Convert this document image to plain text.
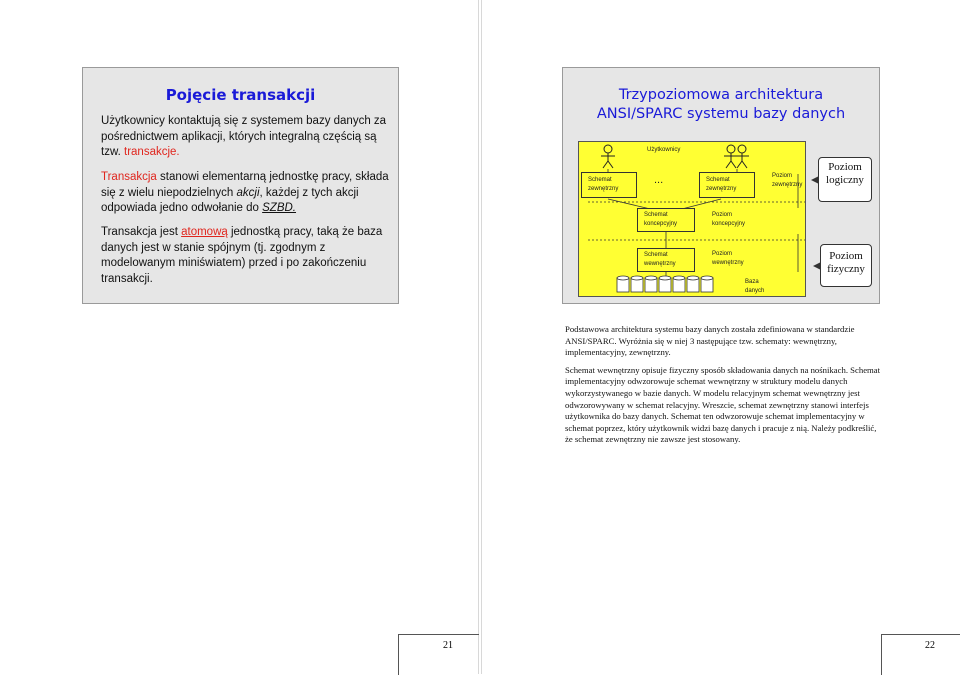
Pojęcie transakcji
Użytkownicy kontaktują się z systemem bazy danych za pośrednictwem aplikacji, których integralną częścią są tzw. transakcje.
Transakcja stanowi elementarną jednostkę pracy, składa się z wielu niepodzielnych akcji, każdej z tych akcji odpowiada jedno odwołanie do SZBD.
Transakcja jest atomową jednostką pracy, taką że baza danych jest w stanie spójnym (tj. zgodnym z modelowanym miniświatem) przed i po zakończeniu transakcji.
21	22
Trzypoziomowa architektura
ANSI/SPARC systemu bazy danych
Użytkownicy
Schemat
zewnętrzny
...	Schemat
zewnętrzny
Poziom
zewnętrzny
Schemat
koncepcyjny
Poziom
koncepcyjny
Schemat
wewnętrzny
Poziom
wewnętrzny
Baza
danych
Poziom
logiczny
Poziom
fizyczny

Podstawowa architektura systemu bazy danych została zdefiniowana w standardzie ANSI/SPARC. Wyróżnia się w niej 3 następujące tzw. schematy: wewnętrzny, implementacyjny, zewnętrzny.

Schemat wewnętrzny opisuje fizyczny sposób składowania danych na nośnikach. Schemat implementacyjny odwzorowuje schemat wewnętrzny w struktury modelu danych wykorzystywanego w bazie danych. W modelu relacyjnym schemat wewnętrzny jest odwzorowywany w schemat relacyjny. Wreszcie, schemat zewnętrzny stanowi interfejs użytkownika do bazy danych. Schemat ten odwzorowuje schemat implementacyjny w schemat poprzez, który użytkownik widzi bazę danych i pracuje z nią. Należy podkreślić, że schemat zewnętrzny nie zawsze jest stosowany.
